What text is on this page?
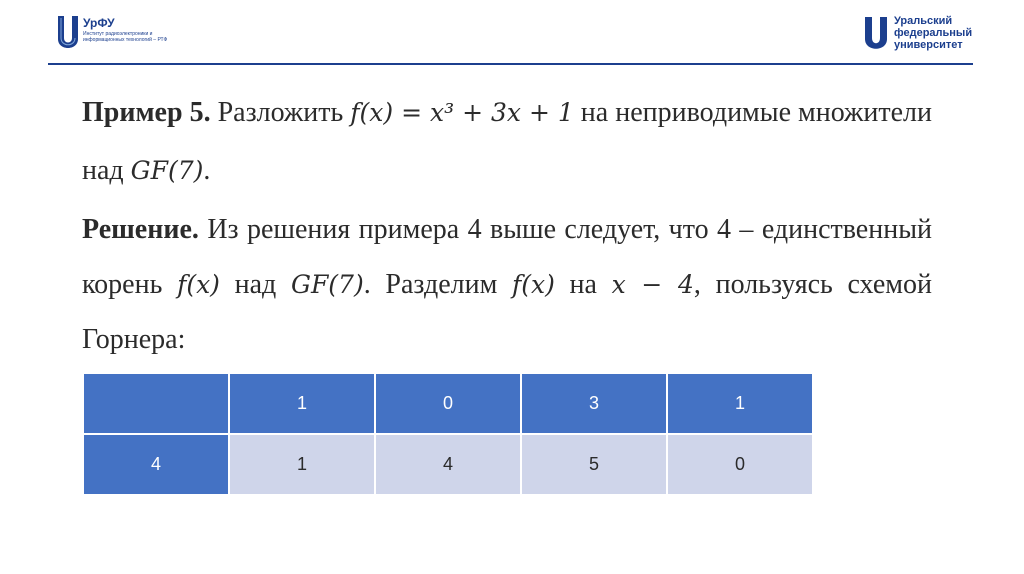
УрФУ
Институт радиоэлектроники и информационных технологий – РТФ
Уральский
федеральный
университет
Пример 5. Разложить f(x) = x³ + 3x + 1 на неприводимые множители над GF(7).
Решение. Из решения примера 4 выше следует, что 4 – единственный корень f(x) над GF(7). Разделим f(x) на x − 4, пользуясь схемой Горнера:
	1	0	3	1
4	1	4	5	0
